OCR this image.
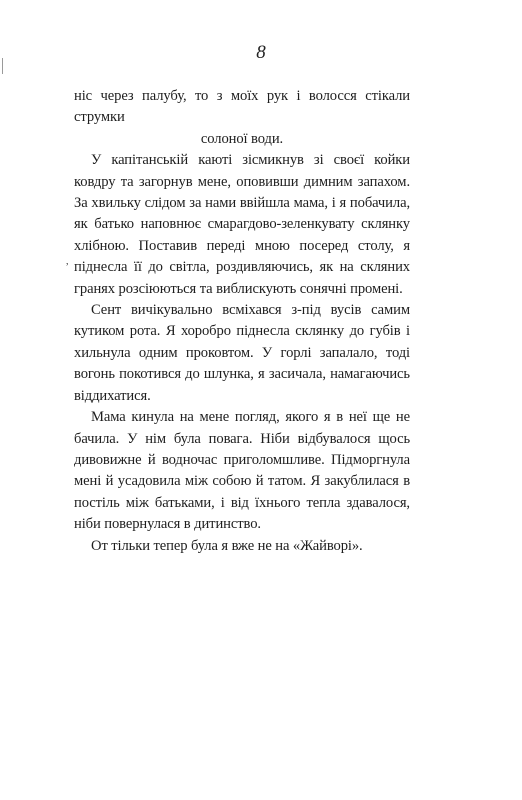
8

ніс через палубу, то з моїх рук і волосся стікали струмки
солоної води.

У капітанській каюті зісмикнув зі своєї койки ковдру та загорнув мене, оповивши димним запахом. За хвильку слідом за нами ввійшла мама, і я побачила, як батько наповнює смарагдово-зеленкувату склянку хлібною. Поставив переді мною посеред столу, я піднесла її до світла, роздивляючись, як на скляних гранях розсіюються та виблискують сонячні промені.

Сент вичікувально всміхався з-під вусів самим кутиком рота. Я хоробро піднесла склянку до губів і хильнула одним проковтом. У горлі запалало, тоді вогонь покотився до шлунка, я засичала, намагаючись віддихатися.

Мама кинула на мене погляд, якого я в неї ще не бачила. У нім була повага. Ніби відбувалося щось дивовижне й водночас приголомшливе. Підморгнула мені й усадовила між собою й татом. Я закублилася в постіль між батьками, і від їхнього тепла здавалося, ніби повернулася в дитинство.

От тільки тепер була я вже не на «Жайворі».

,
